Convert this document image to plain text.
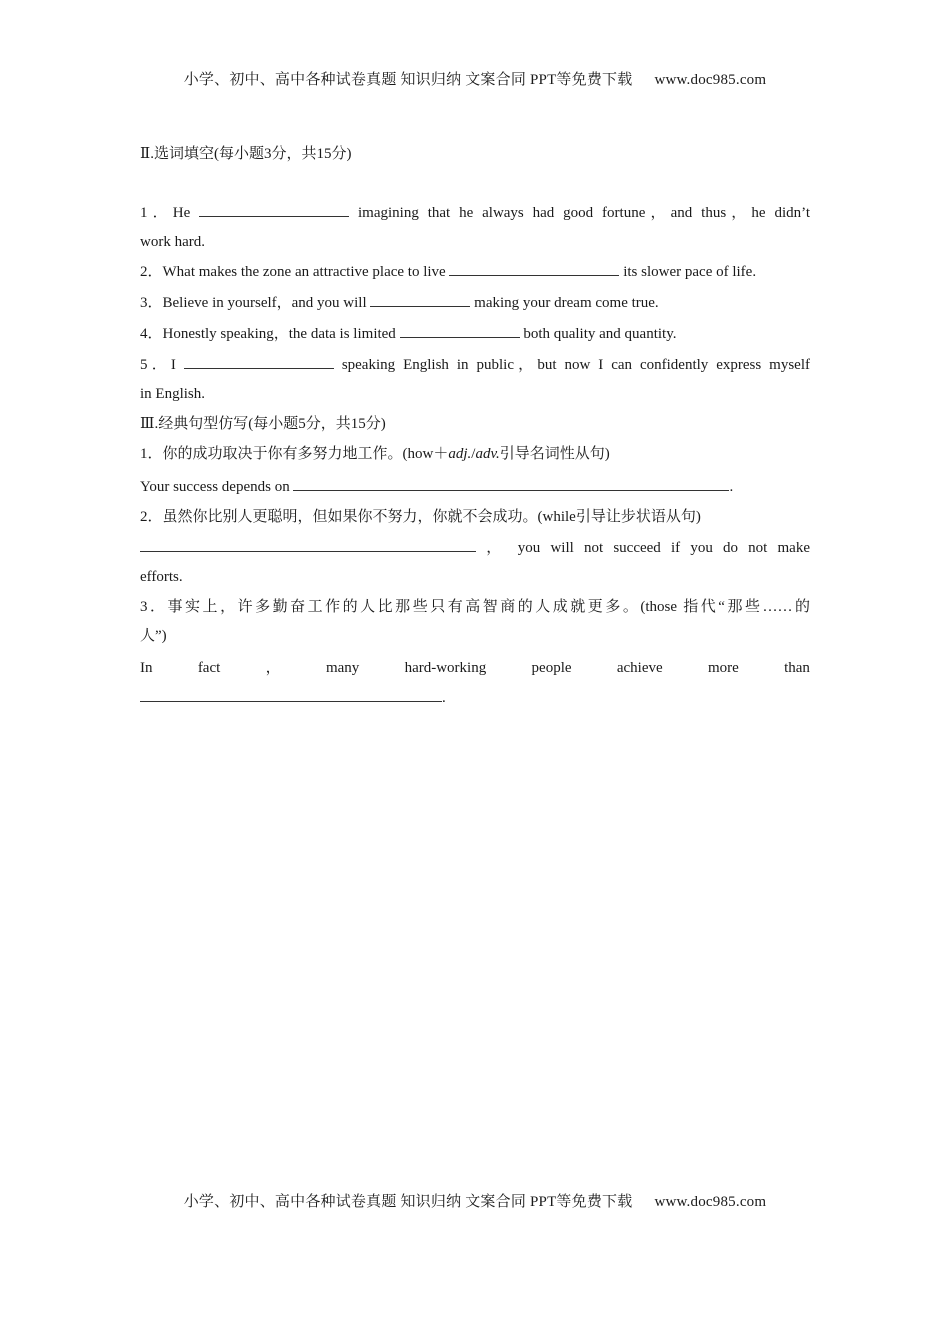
小学、初中、高中各种试卷真题 知识归纳 文案合同 PPT等免费下载 www.doc985.com
Ⅱ.选词填空(每小题3分，共15分)
1．He	imagining that he always had good fortune，and thus，he didn’t
work hard.
2．What makes the zone an attractive place to live	its slower pace of life.
3．Believe in yourself，and you will	making your dream come true.
4．Honestly speaking，the data is limited	both quality and quantity.
5．I	speaking English in public，but now I can confidently express myself
in English.
Ⅲ.经典句型仿写(每小题5分，共15分)
1．你的成功取决于你有多努力地工作。(how＋adj./adv.引导名词性从句)
Your success depends on	.
2．虽然你比别人更聪明，但如果你不努力，你就不会成功。(while引导让步状语从句)
， you will not succeed if you do not make
efforts.
3．事实上，许多勤奋工作的人比那些只有高智商的人成就更多。(those 指代“那些……的
人”)
In	fact	，	many	hard-working	people	achieve	more	than
.
小学、初中、高中各种试卷真题 知识归纳 文案合同 PPT等免费下载 www.doc985.com
